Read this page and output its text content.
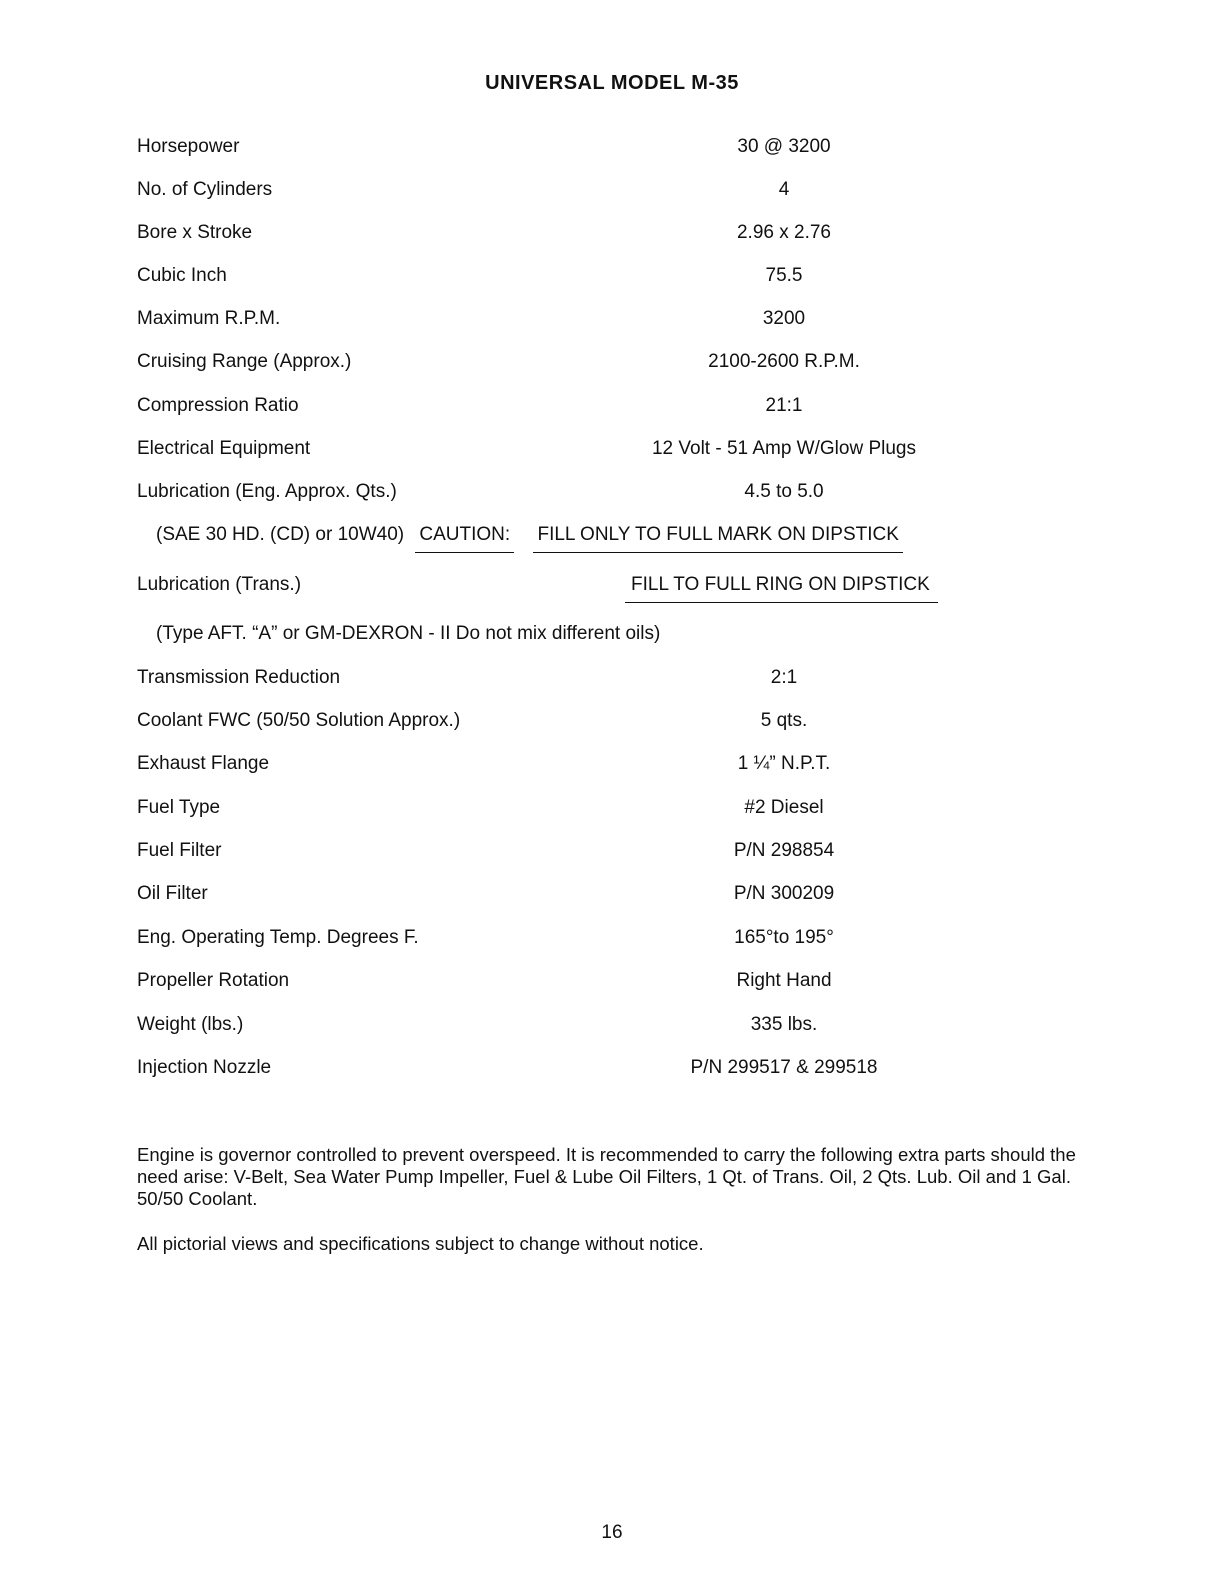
UNIVERSAL MODEL M-35
Horsepower	30 @ 3200
No. of Cylinders	4
Bore x Stroke	2.96 x 2.76
Cubic Inch	75.5
Maximum R.P.M.	3200
Cruising Range (Approx.)	2100-2600 R.P.M.
Compression Ratio	21:1
Electrical Equipment	12 Volt - 51 Amp W/Glow Plugs
Lubrication (Eng. Approx. Qts.)	4.5 to 5.0
(SAE 30 HD. (CD) or 10W40) CAUTION: FILL ONLY TO FULL MARK ON DIPSTICK
Lubrication (Trans.)	FILL TO FULL RING ON DIPSTICK
(Type AFT. “A” or GM-DEXRON - II Do not mix different oils)
Transmission Reduction	2:1
Coolant FWC (50/50 Solution Approx.)	5 qts.
Exhaust Flange	1 ¼” N.P.T.
Fuel Type	#2 Diesel
Fuel Filter	P/N 298854
Oil Filter	P/N 300209
Eng. Operating Temp. Degrees F.	165°to 195°
Propeller Rotation	Right Hand
Weight (lbs.)	335 lbs.
Injection Nozzle	P/N 299517 & 299518
Engine is governor controlled to prevent overspeed. It is recommended to carry the following extra parts should the need arise: V-Belt, Sea Water Pump Impeller, Fuel & Lube Oil Filters, 1 Qt. of Trans. Oil, 2 Qts. Lub. Oil and 1 Gal. 50/50 Coolant.
All pictorial views and specifications subject to change without notice.
16
